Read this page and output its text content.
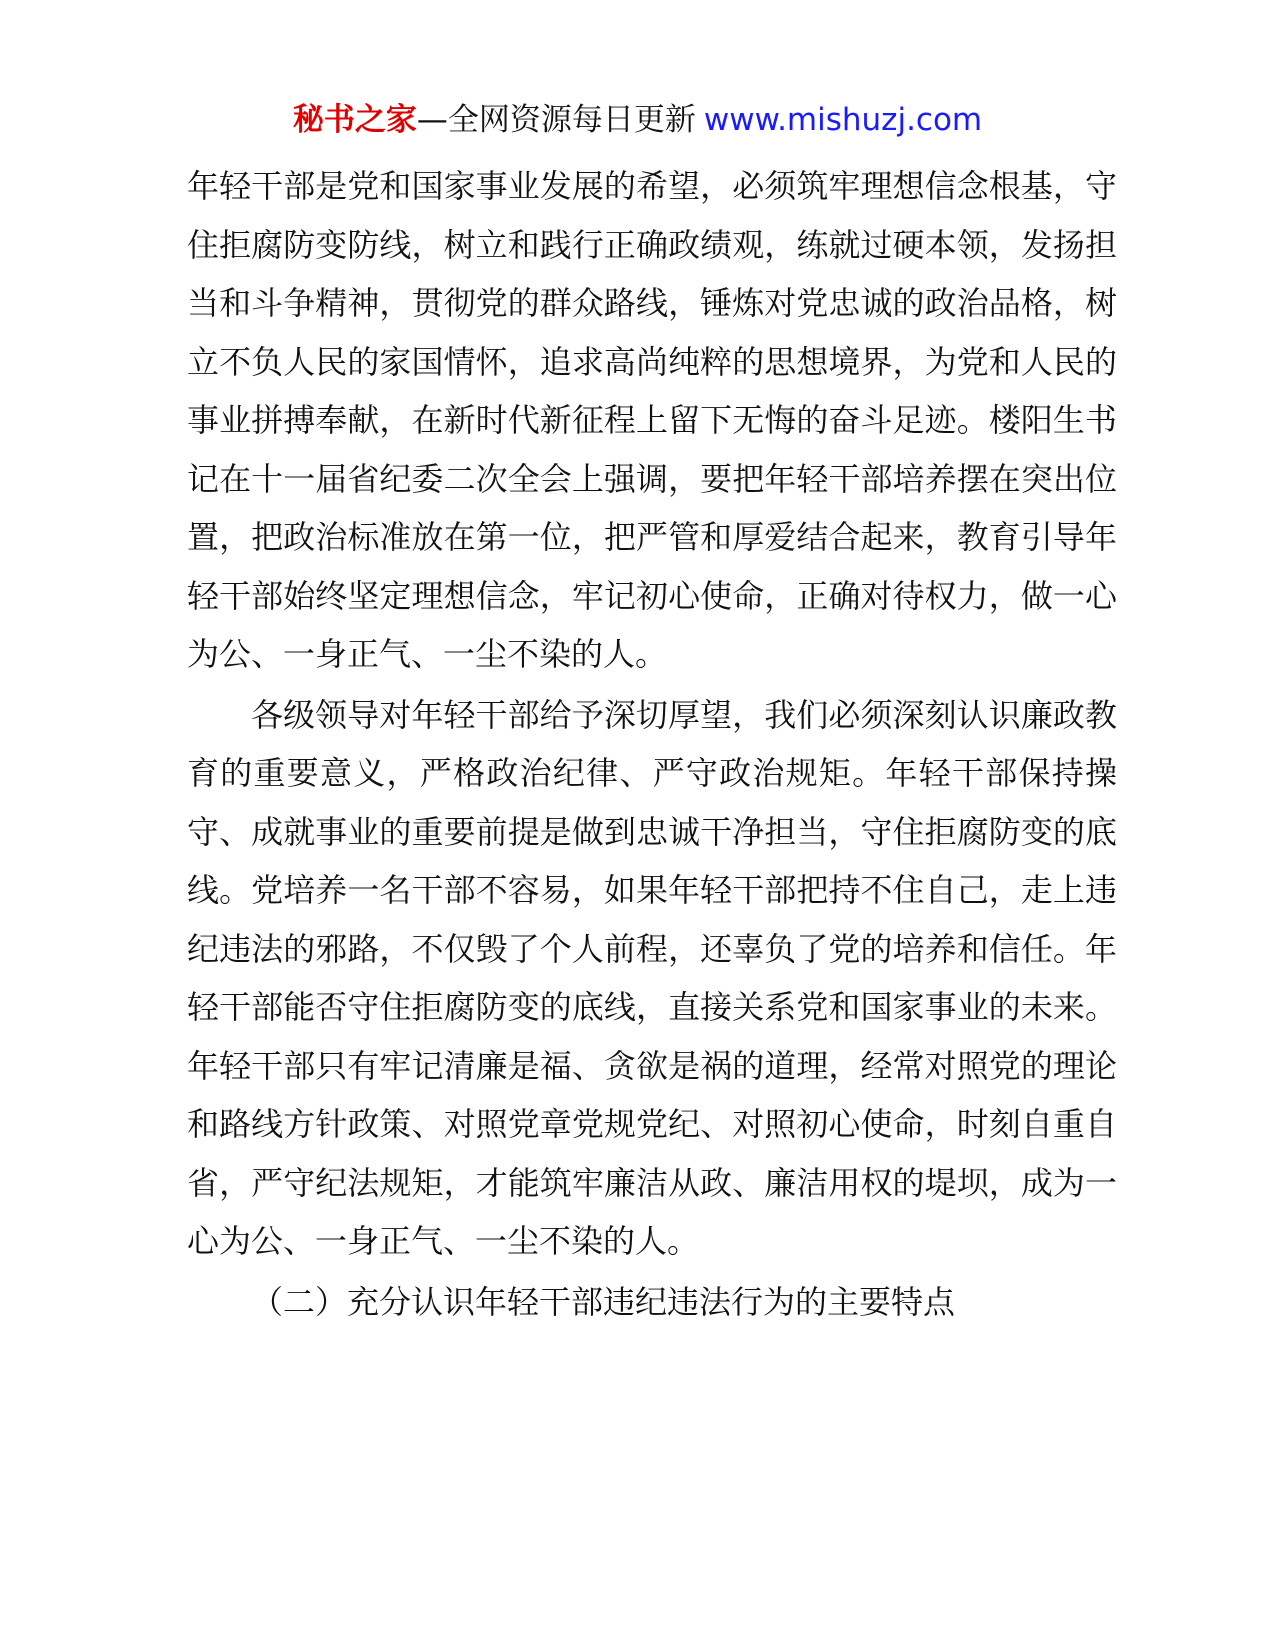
秘书之家—全网资源每日更新 www.mishuzj.com

年轻干部是党和国家事业发展的希望，必须筑牢理想信念根基，守住拒腐防变防线，树立和践行正确政绩观，练就过硬本领，发扬担当和斗争精神，贯彻党的群众路线，锤炼对党忠诚的政治品格，树立不负人民的家国情怀，追求高尚纯粹的思想境界，为党和人民的事业拼搏奉献，在新时代新征程上留下无悔的奋斗足迹。楼阳生书记在十一届省纪委二次全会上强调，要把年轻干部培养摆在突出位置，把政治标准放在第一位，把严管和厚爱结合起来，教育引导年轻干部始终坚定理想信念，牢记初心使命，正确对待权力，做一心为公、一身正气、一尘不染的人。

各级领导对年轻干部给予深切厚望，我们必须深刻认识廉政教育的重要意义，严格政治纪律、严守政治规矩。年轻干部保持操守、成就事业的重要前提是做到忠诚干净担当，守住拒腐防变的底线。党培养一名干部不容易，如果年轻干部把持不住自己，走上违纪违法的邪路，不仅毁了个人前程，还辜负了党的培养和信任。年轻干部能否守住拒腐防变的底线，直接关系党和国家事业的未来。年轻干部只有牢记清廉是福、贪欲是祸的道理，经常对照党的理论和路线方针政策、对照党章党规党纪、对照初心使命，时刻自重自省，严守纪法规矩，才能筑牢廉洁从政、廉洁用权的堤坝，成为一心为公、一身正气、一尘不染的人。

（二）充分认识年轻干部违纪违法行为的主要特点
